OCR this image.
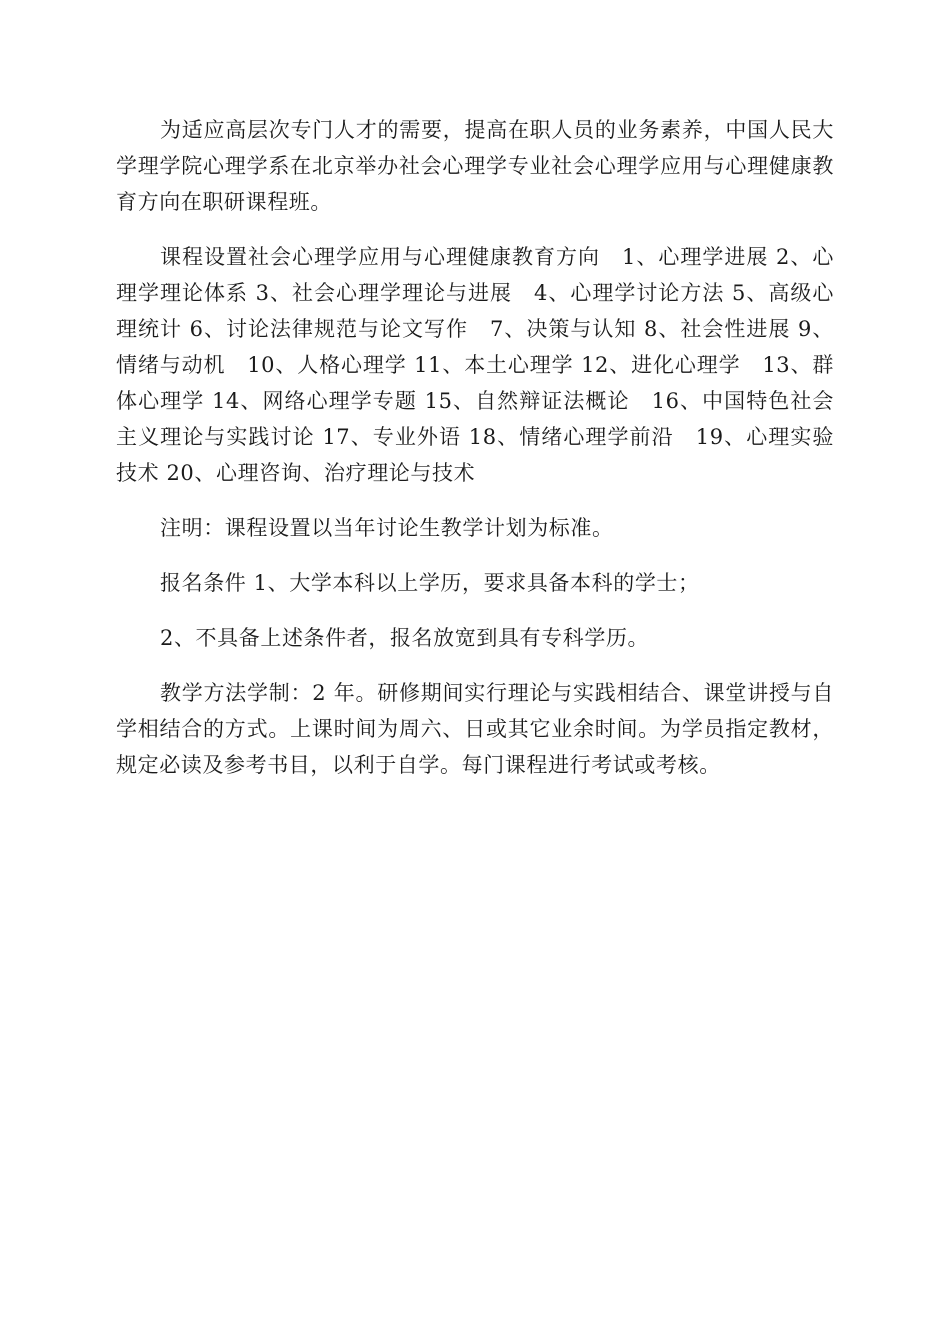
为适应高层次专门人才的需要，提高在职人员的业务素养，中国人民大学理学院心理学系在北京举办社会心理学专业社会心理学应用与心理健康教育方向在职研课程班。

课程设置社会心理学应用与心理健康教育方向　1、心理学进展 2、心理学理论体系 3、社会心理学理论与进展　4、心理学讨论方法 5、高级心理统计 6、讨论法律规范与论文写作　7、决策与认知 8、社会性进展 9、情绪与动机　10、人格心理学 11、本土心理学 12、进化心理学　13、群体心理学 14、网络心理学专题 15、自然辩证法概论　16、中国特色社会主义理论与实践讨论 17、专业外语 18、情绪心理学前沿　19、心理实验技术 20、心理咨询、治疗理论与技术

注明：课程设置以当年讨论生教学计划为标准。

报名条件 1、大学本科以上学历，要求具备本科的学士；

2、不具备上述条件者，报名放宽到具有专科学历。

教学方法学制：2 年。研修期间实行理论与实践相结合、课堂讲授与自学相结合的方式。上课时间为周六、日或其它业余时间。为学员指定教材，规定必读及参考书目，以利于自学。每门课程进行考试或考核。
